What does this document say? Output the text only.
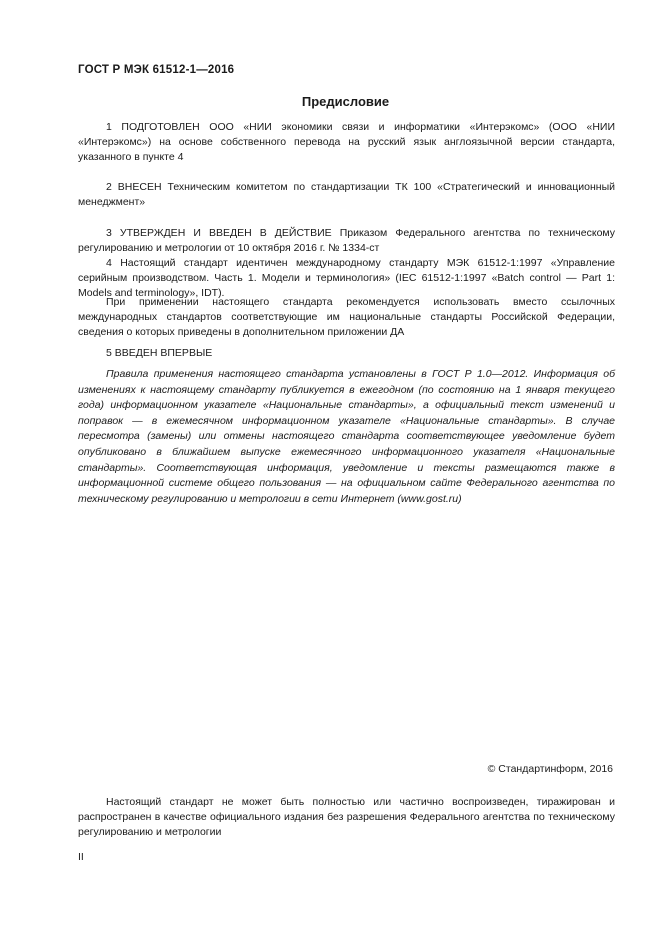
ГОСТ Р МЭК 61512-1—2016
Предисловие

1 ПОДГОТОВЛЕН ООО «НИИ экономики связи и информатики «Интерэкомс» (ООО «НИИ «Интерэкомс») на основе собственного перевода на русский язык англоязычной версии стандарта, указанного в пункте 4

2 ВНЕСЕН Техническим комитетом по стандартизации ТК 100 «Стратегический и инновационный менеджмент»

3 УТВЕРЖДЕН И ВВЕДЕН В ДЕЙСТВИЕ Приказом Федерального агентства по техническому регулированию и метрологии от 10 октября 2016 г. № 1334-ст

4 Настоящий стандарт идентичен международному стандарту МЭК 61512-1:1997 «Управление серийным производством. Часть 1. Модели и терминология» (IEC 61512-1:1997 «Batch control — Part 1: Models and terminology», IDT).

При применении настоящего стандарта рекомендуется использовать вместо ссылочных международных стандартов соответствующие им национальные стандарты Российской Федерации, сведения о которых приведены в дополнительном приложении ДА

5 ВВЕДЕН ВПЕРВЫЕ

Правила применения настоящего стандарта установлены в ГОСТ Р 1.0—2012. Информация об изменениях к настоящему стандарту публикуется в ежегодном (по состоянию на 1 января текущего года) информационном указателе «Национальные стандарты», а официальный текст изменений и поправок — в ежемесячном информационном указателе «Национальные стандарты». В случае пересмотра (замены) или отмены настоящего стандарта соответствующее уведомление будет опубликовано в ближайшем выпуске ежемесячного информационного указателя «Национальные стандарты». Соответствующая информация, уведомление и тексты размещаются также в информационной системе общего пользования — на официальном сайте Федерального агентства по техническому регулированию и метрологии в сети Интернет (www.gost.ru)

© Стандартинформ, 2016

Настоящий стандарт не может быть полностью или частично воспроизведен, тиражирован и распространен в качестве официального издания без разрешения Федерального агентства по техническому регулированию и метрологии

II
